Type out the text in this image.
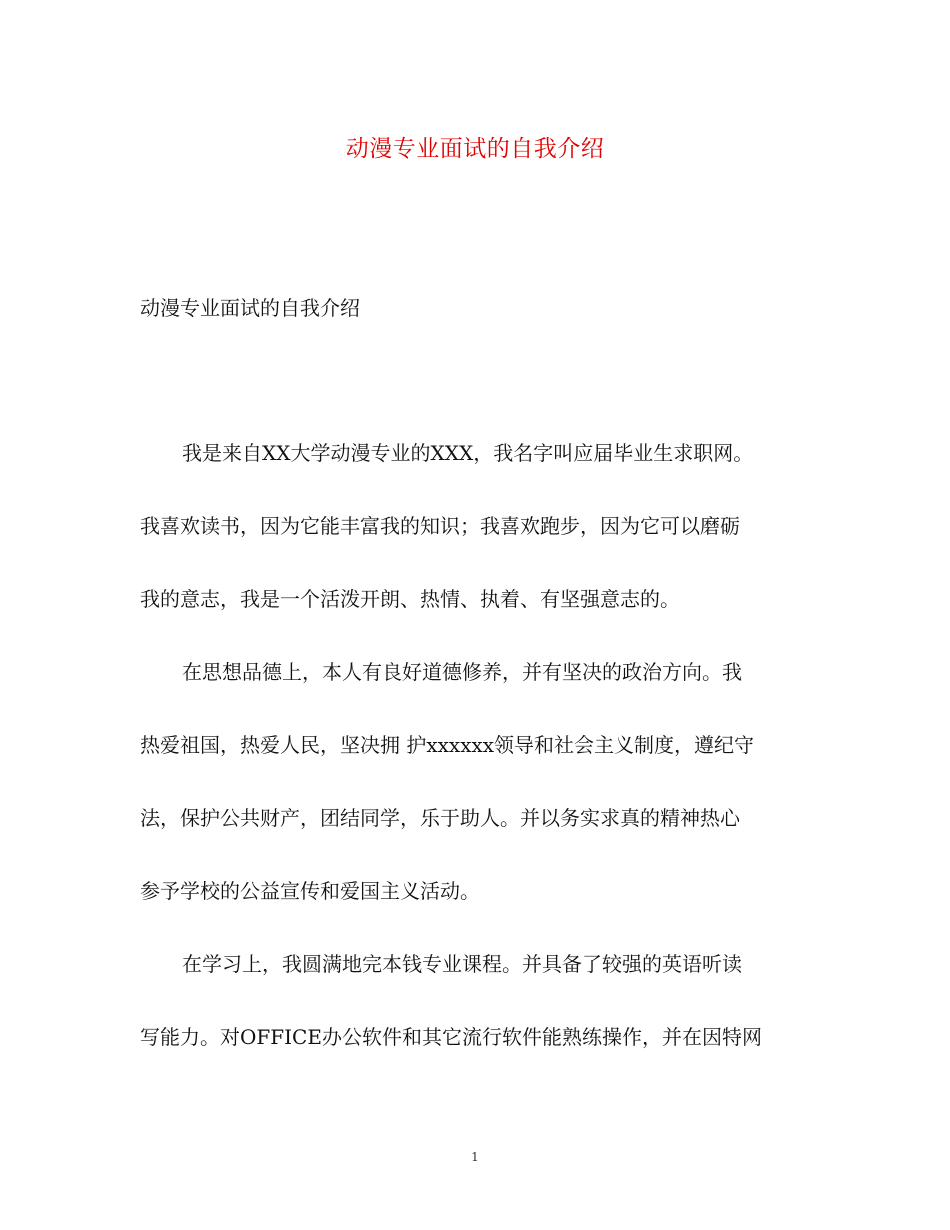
动漫专业面试的自我介绍
动漫专业面试的自我介绍
我是来自XX大学动漫专业的XXX，我名字叫应届毕业生求职网。
我喜欢读书，因为它能丰富我的知识；我喜欢跑步，因为它可以磨砺
我的意志，我是一个活泼开朗、热情、执着、有坚强意志的。
在思想品德上，本人有良好道德修养，并有坚决的政治方向。我
热爱祖国，热爱人民，坚决拥 护xxxxxx领导和社会主义制度，遵纪守
法，保护公共财产，团结同学，乐于助人。并以务实求真的精神热心
参予学校的公益宣传和爱国主义活动。
在学习上，我圆满地完本钱专业课程。并具备了较强的英语听读
写能力。对OFFICE办公软件和其它流行软件能熟练操作，并在因特网
1
